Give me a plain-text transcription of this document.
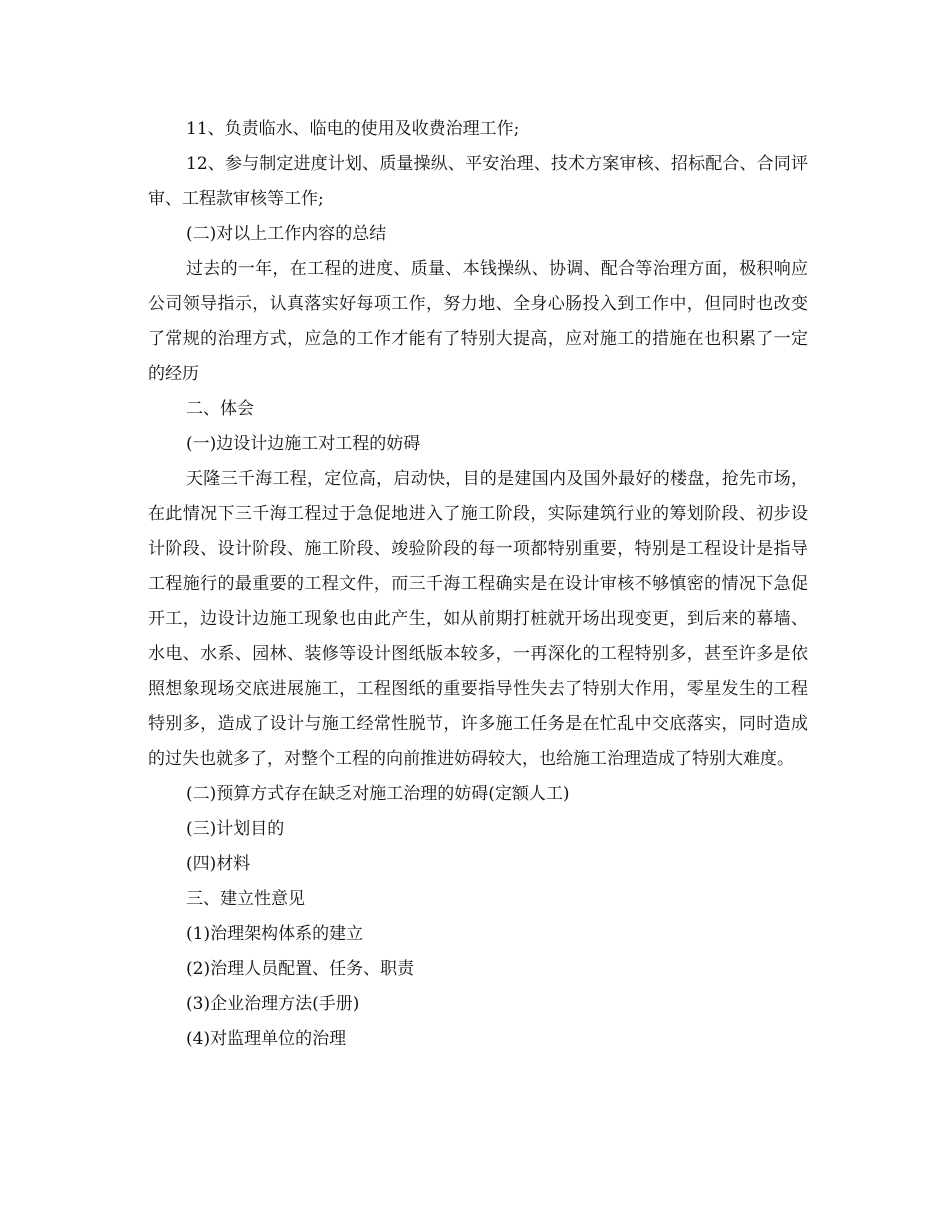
11、负责临水、临电的使用及收费治理工作;

12、参与制定进度计划、质量操纵、平安治理、技术方案审核、招标配合、合同评审、工程款审核等工作;

(二)对以上工作内容的总结

过去的一年，在工程的进度、质量、本钱操纵、协调、配合等治理方面，极积响应公司领导指示，认真落实好每项工作，努力地、全身心肠投入到工作中，但同时也改变了常规的治理方式，应急的工作才能有了特别大提高，应对施工的措施在也积累了一定的经历

二、体会

(一)边设计边施工对工程的妨碍

天隆三千海工程，定位高，启动快，目的是建国内及国外最好的楼盘，抢先市场，在此情况下三千海工程过于急促地进入了施工阶段，实际建筑行业的筹划阶段、初步设计阶段、设计阶段、施工阶段、竣验阶段的每一项都特别重要，特别是工程设计是指导工程施行的最重要的工程文件，而三千海工程确实是在设计审核不够慎密的情况下急促开工，边设计边施工现象也由此产生，如从前期打桩就开场出现变更，到后来的幕墙、水电、水系、园林、装修等设计图纸版本较多，一再深化的工程特别多，甚至许多是依照想象现场交底进展施工，工程图纸的重要指导性失去了特别大作用，零星发生的工程特别多，造成了设计与施工经常性脱节，许多施工任务是在忙乱中交底落实，同时造成的过失也就多了，对整个工程的向前推进妨碍较大，也给施工治理造成了特别大难度。

(二)预算方式存在缺乏对施工治理的妨碍(定额人工)

(三)计划目的

(四)材料

三、建立性意见

(1)治理架构体系的建立

(2)治理人员配置、任务、职责

(3)企业治理方法(手册)

(4)对监理单位的治理
